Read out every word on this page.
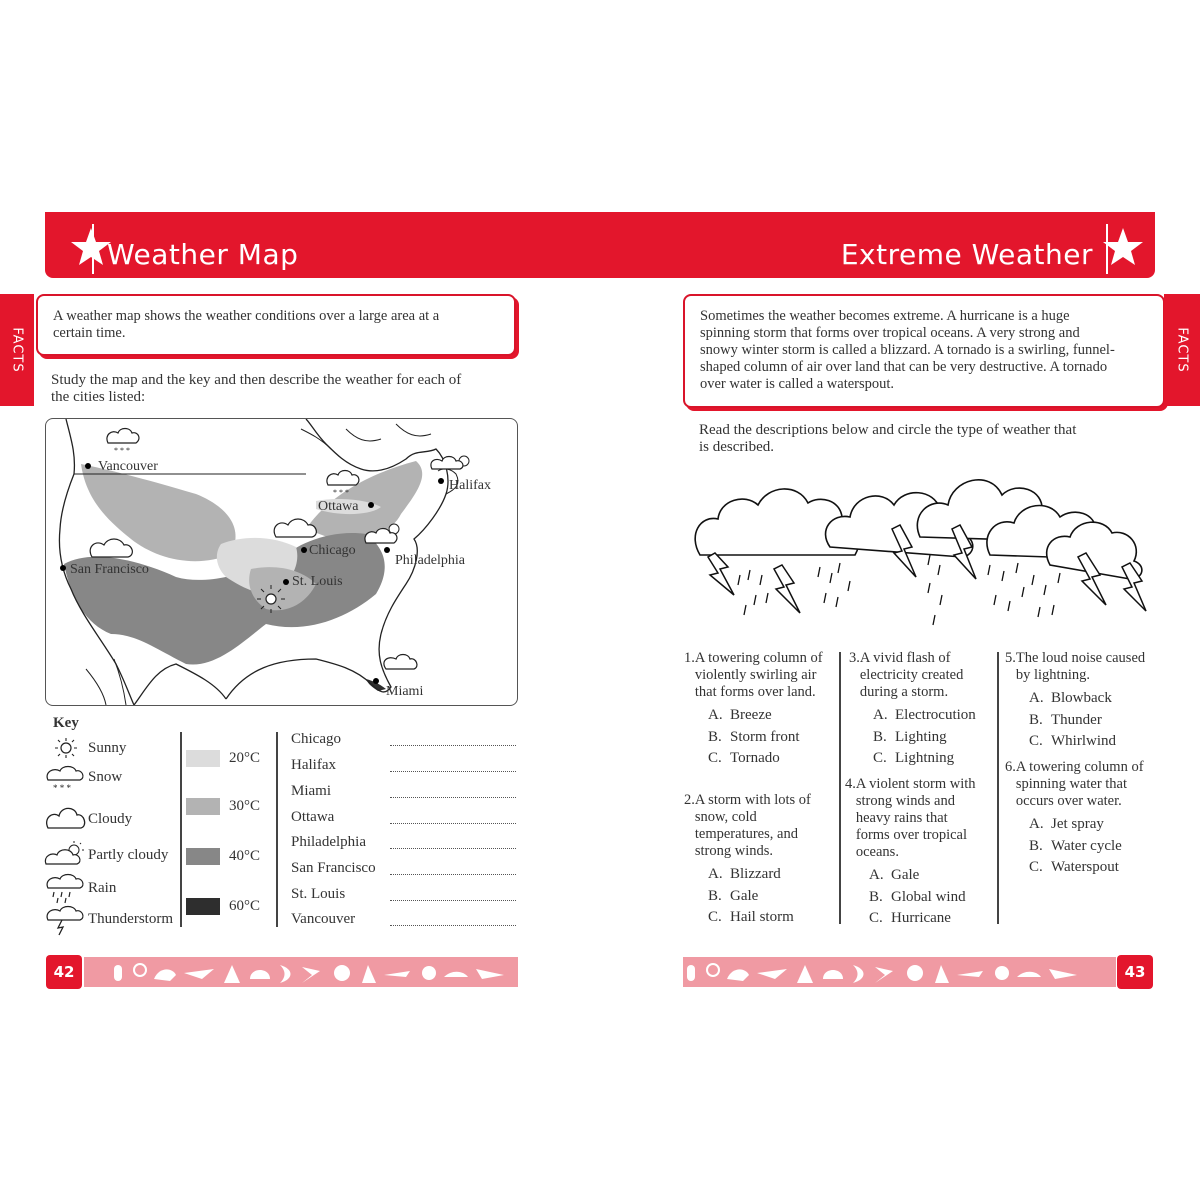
Weather Map	Extreme Weather
FACTS
A weather map shows the weather conditions over a large area at a certain time.
Study the map and the key and then describe the weather for each of the cities listed:
* * *
* * *
Vancouver
Halifax
Ottawa
Chicago
Philadelphia
San Francisco
St. Louis
Miami
Key
Sunny
* * *
Snow
Cloudy
Partly cloudy
Rain
Thunderstorm
20°C
30°C
40°C
60°C
Chicago
Halifax
Miami
Ottawa
Philadelphia
San Francisco
St. Louis
Vancouver
Sometimes the weather becomes extreme. A hurricane is a huge spinning storm that forms over tropical oceans. A very strong and snowy winter storm is called a blizzard. A tornado is a swirling, funnel-shaped column of air over land that can be very destructive. A tornado over water is called a waterspout.
FACTS
Read the descriptions below and circle the type of weather that is described.
1. A towering column of violently swirling air that forms over land.
A. Breeze
B. Storm front
C. Tornado
2. A storm with lots of snow, cold temperatures, and strong winds.
A. Blizzard
B. Gale
C. Hail storm
3. A vivid flash of electricity created during a storm.
A. Electrocution
B. Lighting
C. Lightning
4. A violent storm with strong winds and heavy rains that forms over tropical oceans.
A. Gale
B. Global wind
C. Hurricane
5. The loud noise caused by lightning.
A. Blowback
B. Thunder
C. Whirlwind
6. A towering column of spinning water that occurs over water.
A. Jet spray
B. Water cycle
C. Waterspout
42	43
